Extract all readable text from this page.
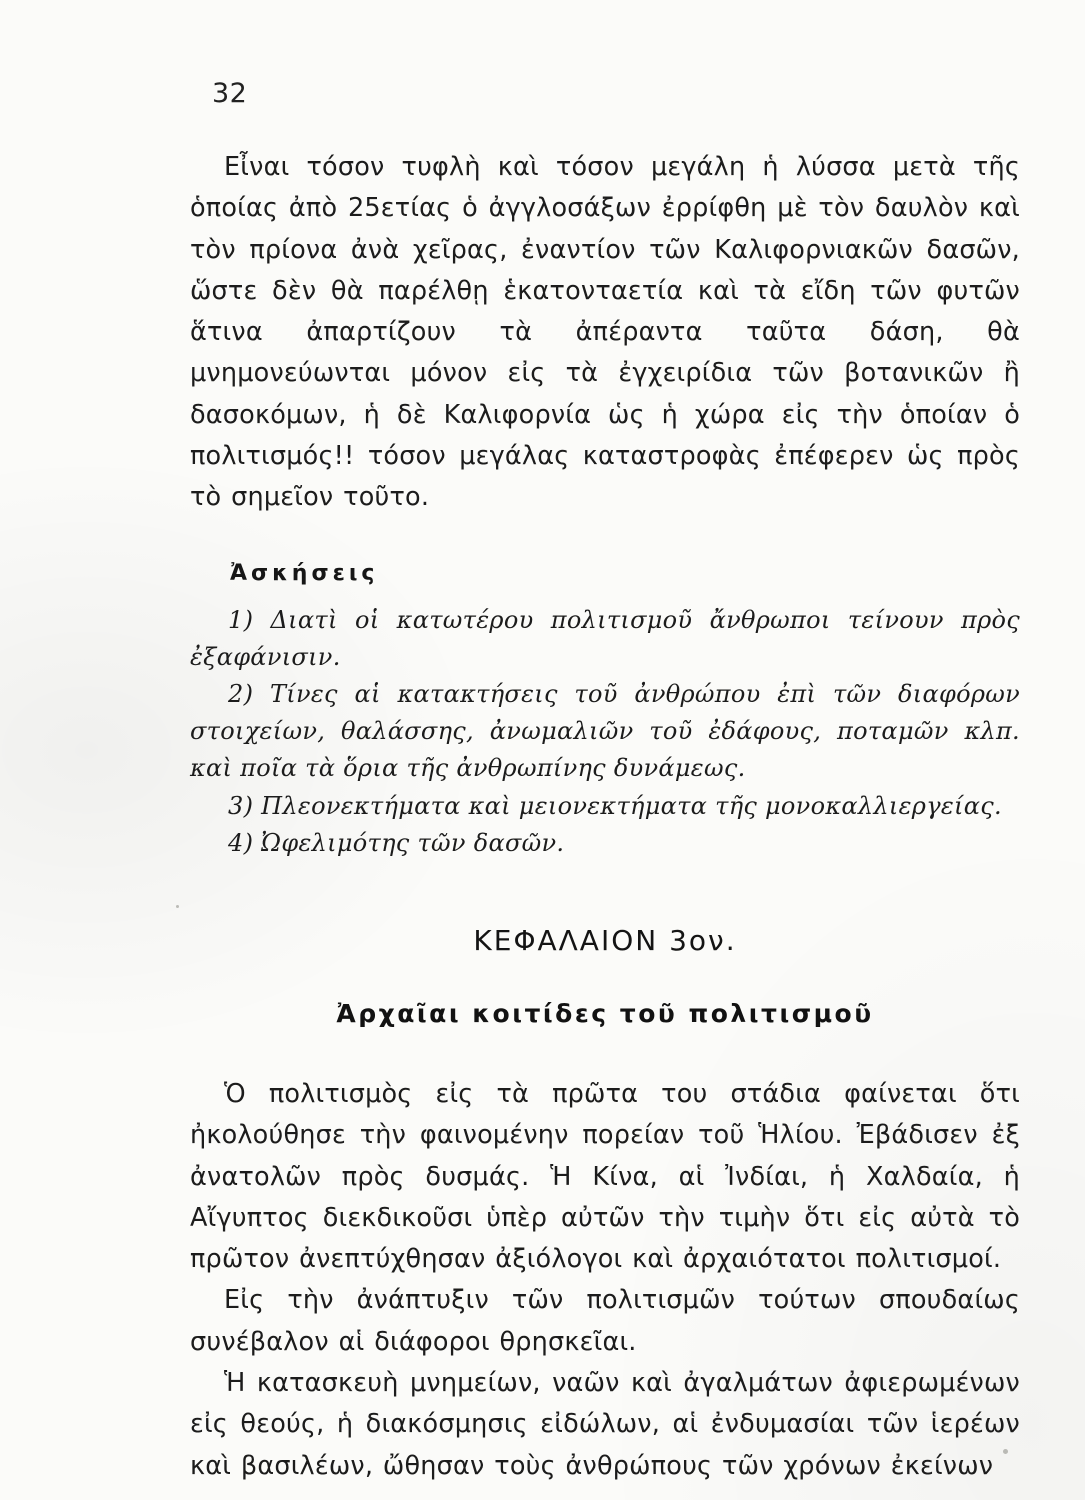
32

Εἶναι τόσον τυφλὴ καὶ τόσον μεγάλη ἡ λύσσα μετὰ τῆς ὁποίας ἀπὸ 25ετίας ὁ ἀγγλοσάξων ἐρρίφθη μὲ τὸν δαυλὸν καὶ τὸν πρίονα ἀνὰ χεῖρας, ἐναντίον τῶν Καλιφορνιακῶν δασῶν, ὥστε δὲν θὰ παρέλθῃ ἑκατονταετία καὶ τὰ εἴδη τῶν φυτῶν ἅτινα ἀπαρτίζουν τὰ ἀπέραντα ταῦτα δάση, θὰ μνημονεύωνται μόνον εἰς τὰ ἐγχειρίδια τῶν βοτανικῶν ἢ δασοκόμων, ἡ δὲ Καλιφορνία ὡς ἡ χώρα εἰς τὴν ὁποίαν ὁ πολιτισμός!! τόσον μεγάλας καταστροφὰς ἐπέφερεν ὡς πρὸς τὸ σημεῖον τοῦτο.

Ἀσκήσεις

1) Διατὶ οἱ κατωτέρου πολιτισμοῦ ἄνθρωποι τείνουν πρὸς ἐξαφάνισιν.

2) Τίνες αἱ κατακτήσεις τοῦ ἀνθρώπου ἐπὶ τῶν διαφόρων στοιχείων, θαλάσσης, ἀνωμαλιῶν τοῦ ἐδάφους, ποταμῶν κλπ. καὶ ποῖα τὰ ὅρια τῆς ἀνθρωπίνης δυνάμεως.

3) Πλεονεκτήματα καὶ μειονεκτήματα τῆς μονοκαλλιεργείας.

4) Ὠφελιμότης τῶν δασῶν.

ΚΕΦΑΛΑΙΟΝ 3ον.
Ἀρχαῖαι κοιτίδες τοῦ πολιτισμοῦ

Ὁ πολιτισμὸς εἰς τὰ πρῶτα του στάδια φαίνεται ὅτι ἠκολούθησε τὴν φαινομένην πορείαν τοῦ Ἡλίου. Ἐβάδισεν ἐξ ἀνατολῶν πρὸς δυσμάς. Ἡ Κίνα, αἱ Ἰνδίαι, ἡ Χαλδαία, ἡ Αἴγυπτος διεκδικοῦσι ὑπὲρ αὐτῶν τὴν τιμὴν ὅτι εἰς αὐτὰ τὸ πρῶτον ἀνεπτύχθησαν ἀξιόλογοι καὶ ἀρχαιότατοι πολιτισμοί.

Εἰς τὴν ἀνάπτυξιν τῶν πολιτισμῶν τούτων σπουδαίως συνέβαλον αἱ διάφοροι θρησκεῖαι.

Ἡ κατασκευὴ μνημείων, ναῶν καὶ ἀγαλμάτων ἀφιερωμένων εἰς θεούς, ἡ διακόσμησις εἰδώλων, αἱ ἐνδυμασίαι τῶν ἱερέων καὶ βασιλέων, ὤθησαν τοὺς ἀνθρώπους τῶν χρόνων ἐκείνων
